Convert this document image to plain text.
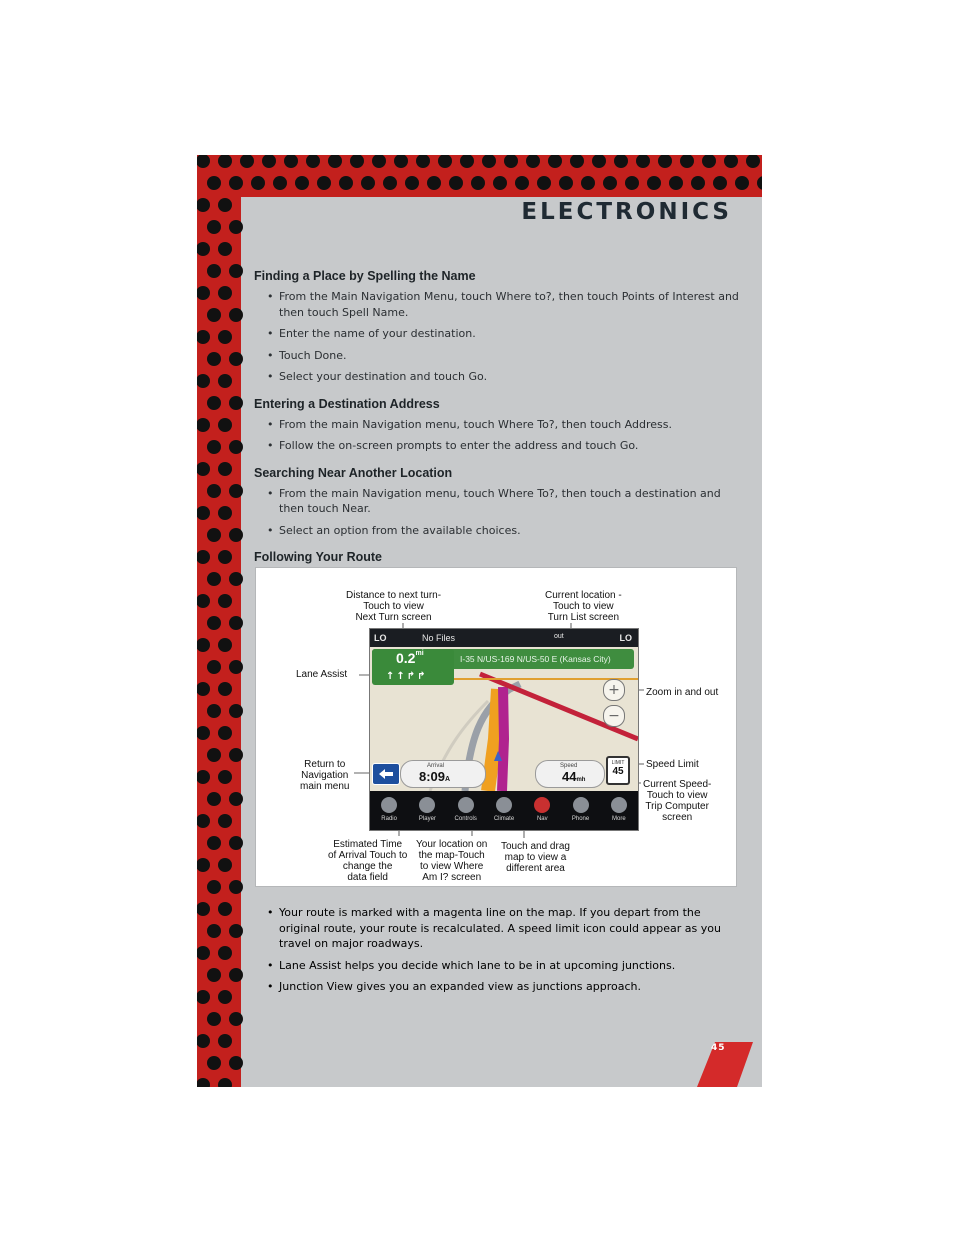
ELECTRONICS
Finding a Place by Spelling the Name
• From the Main Navigation Menu, touch Where to?, then touch Points of Interest and then touch Spell Name.
• Enter the name of your destination.
• Touch Done.
• Select your destination and touch Go.
Entering a Destination Address
• From the main Navigation menu, touch Where To?, then touch Address.
• Follow the on-screen prompts to enter the address and touch Go.
Searching Near Another Location
• From the main Navigation menu, touch Where To?, then touch a destination and then touch Near.
• Select an option from the available choices.
Following Your Route
Distance to next turn-
Touch to view
Next Turn screen
Current location -
Touch to view
Turn List screen
Lane Assist
Zoom in and out
Return to
Navigation
main menu
Speed Limit
Current Speed-
Touch to view
Trip Computer
screen
Estimated Time
of Arrival Touch to
change the
data field
Your location on
the map-Touch
to view Where
Am I? screen
Touch and drag
map to view a
different area
LO	No Files	out	LO
$0.2^{mi}$
I-35 N/US-169 N/US-50 E (Kansas City)
↑↑↱↱
+
−
Arrival
8:09A
Speed
44mh
LIMIT
45
Radio	Player	Controls	Climate	Nav	Phone	More
• Your route is marked with a magenta line on the map. If you depart from the original route, your route is recalculated. A speed limit icon could appear as you travel on major roadways.
• Lane Assist helps you decide which lane to be in at upcoming junctions.
• Junction View gives you an expanded view as junctions approach.
45
